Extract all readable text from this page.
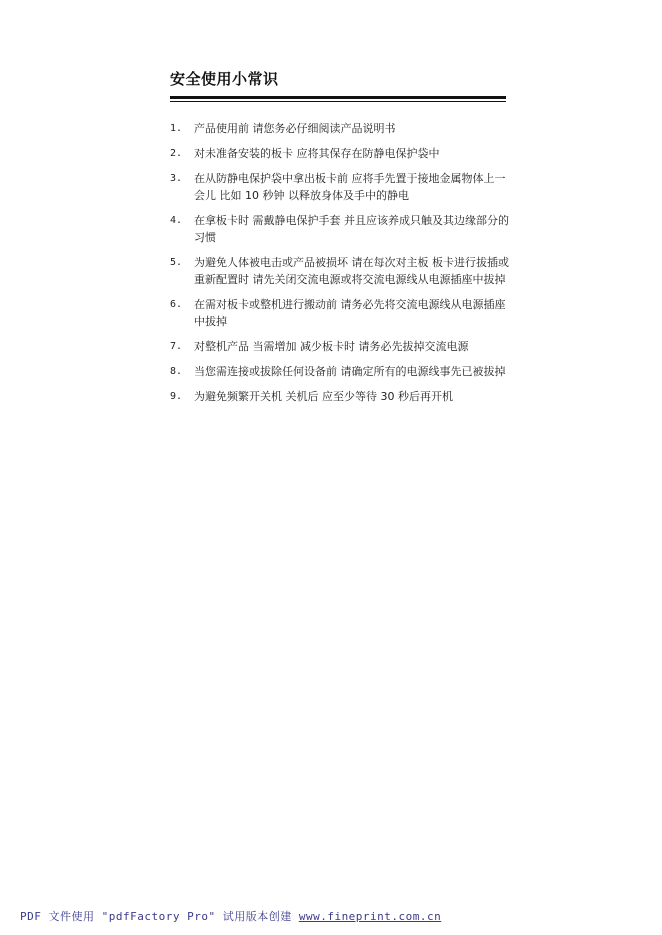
安全使用小常识
1. 产品使用前 请您务必仔细阅读产品说明书
2. 对未准备安装的板卡 应将其保存在防静电保护袋中
3. 在从防静电保护袋中拿出板卡前 应将手先置于接地金属物体上一会儿 比如 10 秒钟 以释放身体及手中的静电
4. 在拿板卡时 需戴静电保护手套 并且应该养成只触及其边缘部分的习惯
5. 为避免人体被电击或产品被损坏 请在每次对主板 板卡进行拔插或重新配置时 请先关闭交流电源或将交流电源线从电源插座中拔掉
6. 在需对板卡或整机进行搬动前 请务必先将交流电源线从电源插座中拔掉
7. 对整机产品 当需增加 减少板卡时 请务必先拔掉交流电源
8. 当您需连接或拔除任何设备前 请确定所有的电源线事先已被拔掉
9. 为避免频繁开关机 关机后 应至少等待 30 秒后再开机
PDF 文件使用 "pdfFactory Pro" 试用版本创建 www.fineprint.com.cn
